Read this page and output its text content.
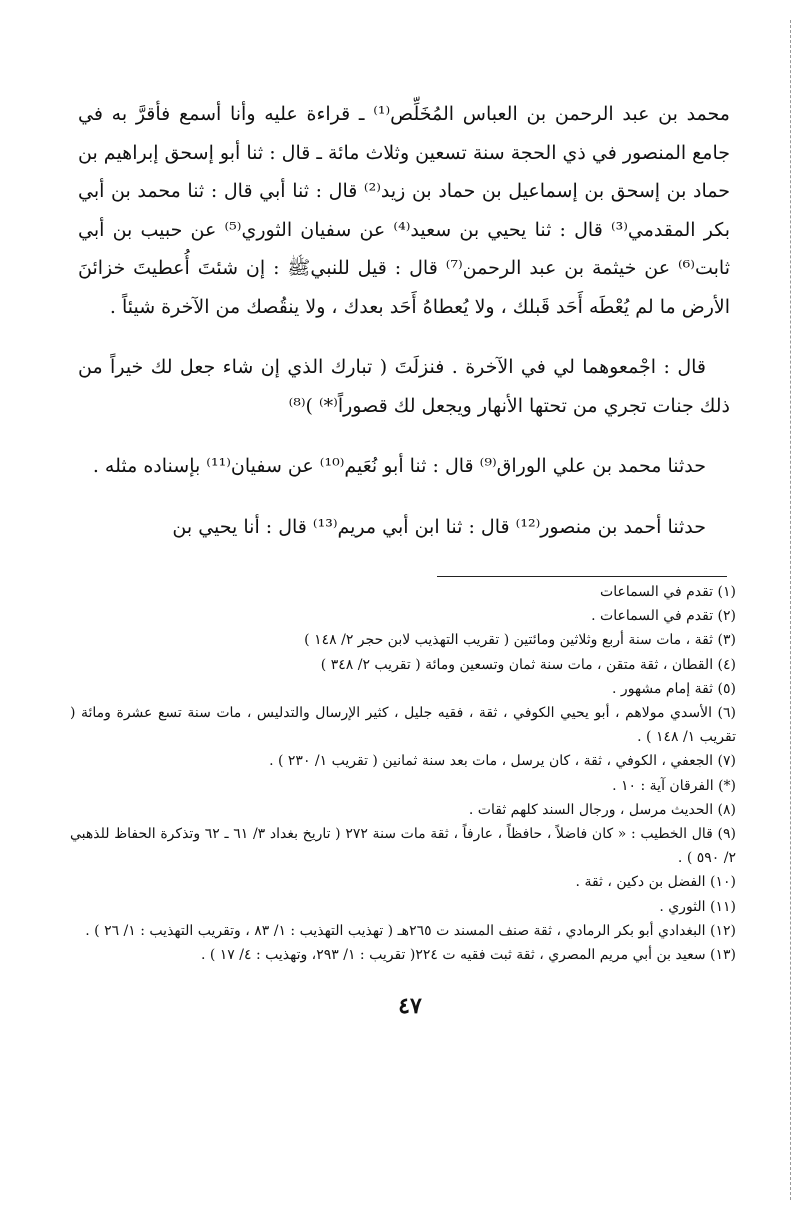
محمد بن عبد الرحمن بن العباس المُخَلِّص⁽¹⁾ ـ قراءة عليه وأنا أسمع فأقرَّ به في جامع المنصور في ذي الحجة سنة تسعين وثلاث مائة ـ قال : ثنا أبو إسحق إبراهيم بن حماد بن إسحق بن إسماعيل بن حماد بن زيد⁽²⁾ قال : ثنا أبي قال : ثنا محمد بن أبي بكر المقدمي⁽³⁾ قال : ثنا يحيي بن سعيد⁽⁴⁾ عن سفيان الثوري⁽⁵⁾ عن حبيب بن أبي ثابت⁽⁶⁾ عن خيثمة بن عبد الرحمن⁽⁷⁾ قال : قيل للنبيﷺ : إن شئتَ أُعطيتَ خزائنَ الأرض ما لم يُعْطَه أَحَد قَبلك ، ولا يُعطاهُ أَحَد بعدك ، ولا ينقُصك من الآخرة شيئاً .

قال : اجْمعوهما لي في الآخرة . فنزلَتَ ( تبارك الذي إن شاء جعل لك خيراً من ذلك جنات تجري من تحتها الأنهار ويجعل لك قصوراً⁽*⁾ )⁽⁸⁾

حدثنا محمد بن علي الوراق⁽⁹⁾ قال : ثنا أبو نُعَيم⁽¹⁰⁾ عن سفيان⁽¹¹⁾ بإسناده مثله .

حدثنا أحمد بن منصور⁽¹²⁾ قال : ثنا ابن أبي مريم⁽¹³⁾ قال : أنا يحيي بن

(١) تقدم في السماعات

(٢) تقدم في السماعات .

(٣) ثقة ، مات سنة أربع وثلاثين ومائتين ( تقريب التهذيب لابن حجر ٢/ ١٤٨ )

(٤) القطان ، ثقة متقن ، مات سنة ثمان وتسعين ومائة ( تقريب ٢/ ٣٤٨ )

(٥) ثقة إمام مشهور .

(٦) الأسدي مولاهم ، أبو يحيي الكوفي ، ثقة ، فقيه جليل ، كثير الإرسال والتدليس ، مات سنة تسع عشرة ومائة ( تقريب ١/ ١٤٨ ) .

(٧) الجعفي ، الكوفي ، ثقة ، كان يرسل ، مات بعد سنة ثمانين ( تقريب ١/ ٢٣٠ ) .

(*) الفرقان آية : ١٠ .

(٨) الحديث مرسل ، ورجال السند كلهم ثقات .

(٩) قال الخطيب : « كان فاضلاً ، حافظاً ، عارفاً ، ثقة مات سنة ٢٧٢ ( تاريخ بغداد ٣/ ٦١ ـ ٦٢ وتذكرة الحفاظ للذهبي ٢/ ٥٩٠ ) .

(١٠) الفضل بن دكين ، ثقة .

(١١) الثوري .

(١٢) البغدادي أبو بكر الرمادي ، ثقة صنف المسند ت ٢٦٥هـ ( تهذيب التهذيب : ١/ ٨٣ ، وتقريب التهذيب : ١/ ٢٦ ) .

(١٣) سعيد بن أبي مريم المصري ، ثقة ثبت فقيه ت ٢٢٤( تقريب : ١/ ٢٩٣، وتهذيب : ٤/ ١٧ ) .

٤٧
